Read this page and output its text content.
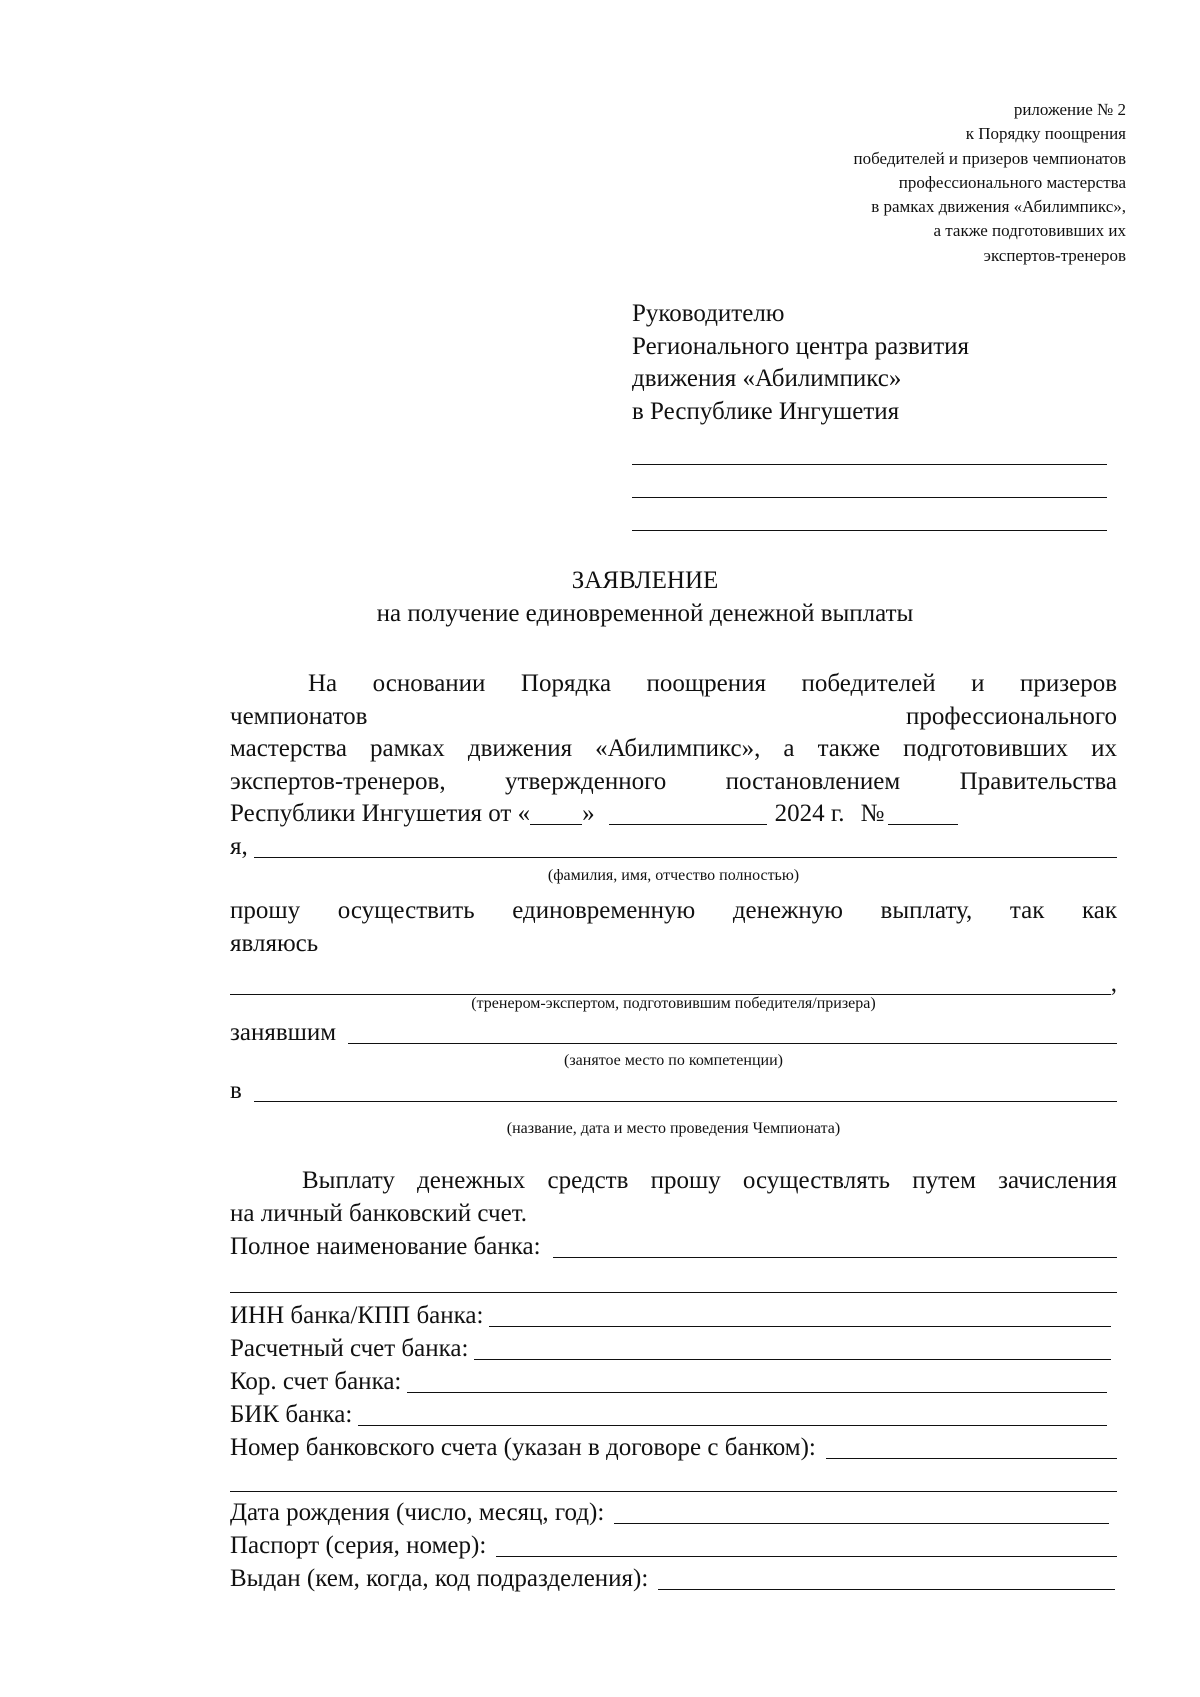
риложение № 2
к Порядку поощрения
победителей и призеров чемпионатов
профессионального мастерства
в рамках движения «Абилимпикс»,
а также подготовивших их
экспертов-тренеров
Руководителю
Регионального центра развития
движения «Абилимпикс»
в Республике Ингушетия
ЗАЯВЛЕНИЕ
на получение единовременной денежной выплаты
На основании Порядка поощрения победителей и призеров
чемпионатов	профессионального
мастерства рамках движения «Абилимпикс», а также подготовивших их
экспертов-тренеров, утвержденного постановлением Правительства
Республики Ингушетия от « »	2024 г. №
я,
(фамилия, имя, отчество полностью)
прошу осуществить единовременную денежную выплату, так как
являюсь
,
(тренером-экспертом, подготовившим победителя/призера)
занявшим
(занятое место по компетенции)
в
(название, дата и место проведения Чемпионата)
Выплату денежных средств прошу осуществлять путем зачисления
на личный банковский счет.
Полное наименование банка:
ИНН банка/КПП банка:
Расчетный счет банка:
Кор. счет банка:
БИК банка:
Номер банковского счета (указан в договоре с банком):
Дата рождения (число, месяц, год):
Паспорт (серия, номер):
Выдан (кем, когда, код подразделения):
